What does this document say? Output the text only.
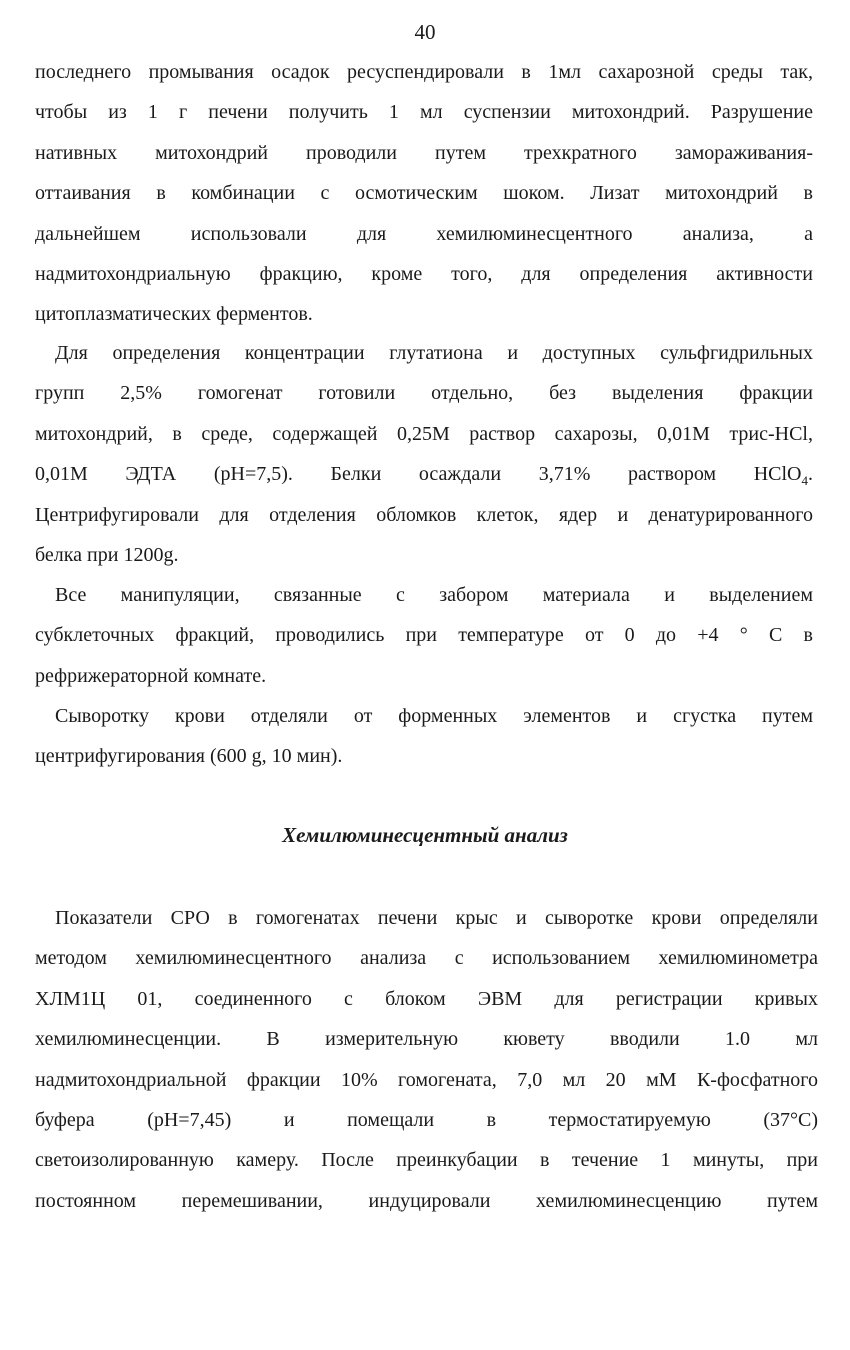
40
последнего промывания осадок ресуспендировали в 1мл сахарозной среды так,
чтобы из 1 г печени получить 1 мл суспензии митохондрий. Разрушение
нативных митохондрий проводили путем трехкратного замораживания-
оттаивания в комбинации с осмотическим шоком. Лизат митохондрий в
дальнейшем использовали для хемилюминесцентного анализа, а
надмитохондриальную фракцию, кроме того, для определения активности
цитоплазматических ферментов.
Для определения концентрации глутатиона и доступных сульфгидрильных
групп 2,5% гомогенат готовили отдельно, без выделения фракции
митохондрий, в среде, содержащей 0,25М раствор сахарозы, 0,01М трис-HCl,
0,01М ЭДТА (рН=7,5). Белки осаждали 3,71% раствором HClO$_4$.
Центрифугировали для отделения обломков клеток, ядер и денатурированного
белка при 1200g.
Все манипуляции, связанные с забором материала и выделением
субклеточных фракций, проводились при температуре от 0 до +4 ° С в
рефрижераторной комнате.
Сыворотку крови отделяли от форменных элементов и сгустка путем
центрифугирования (600 g, 10 мин).
Хемилюминесцентный анализ
Показатели СРО в гомогенатах печени крыс и сыворотке крови определяли
методом хемилюминесцентного анализа с использованием хемилюминометра
ХЛМ1Ц 01, соединенного с блоком ЭВМ для регистрации кривых
хемилюминесценции. В измерительную кювету вводили 1.0 мл
надмитохондриальной фракции 10% гомогената, 7,0 мл 20 мМ К-фосфатного
буфера (рН=7,45) и помещали в термостатируемую (37°С)
светоизолированную камеру. После преинкубации в течение 1 минуты, при
постоянном перемешивании, индуцировали хемилюминесценцию путем
